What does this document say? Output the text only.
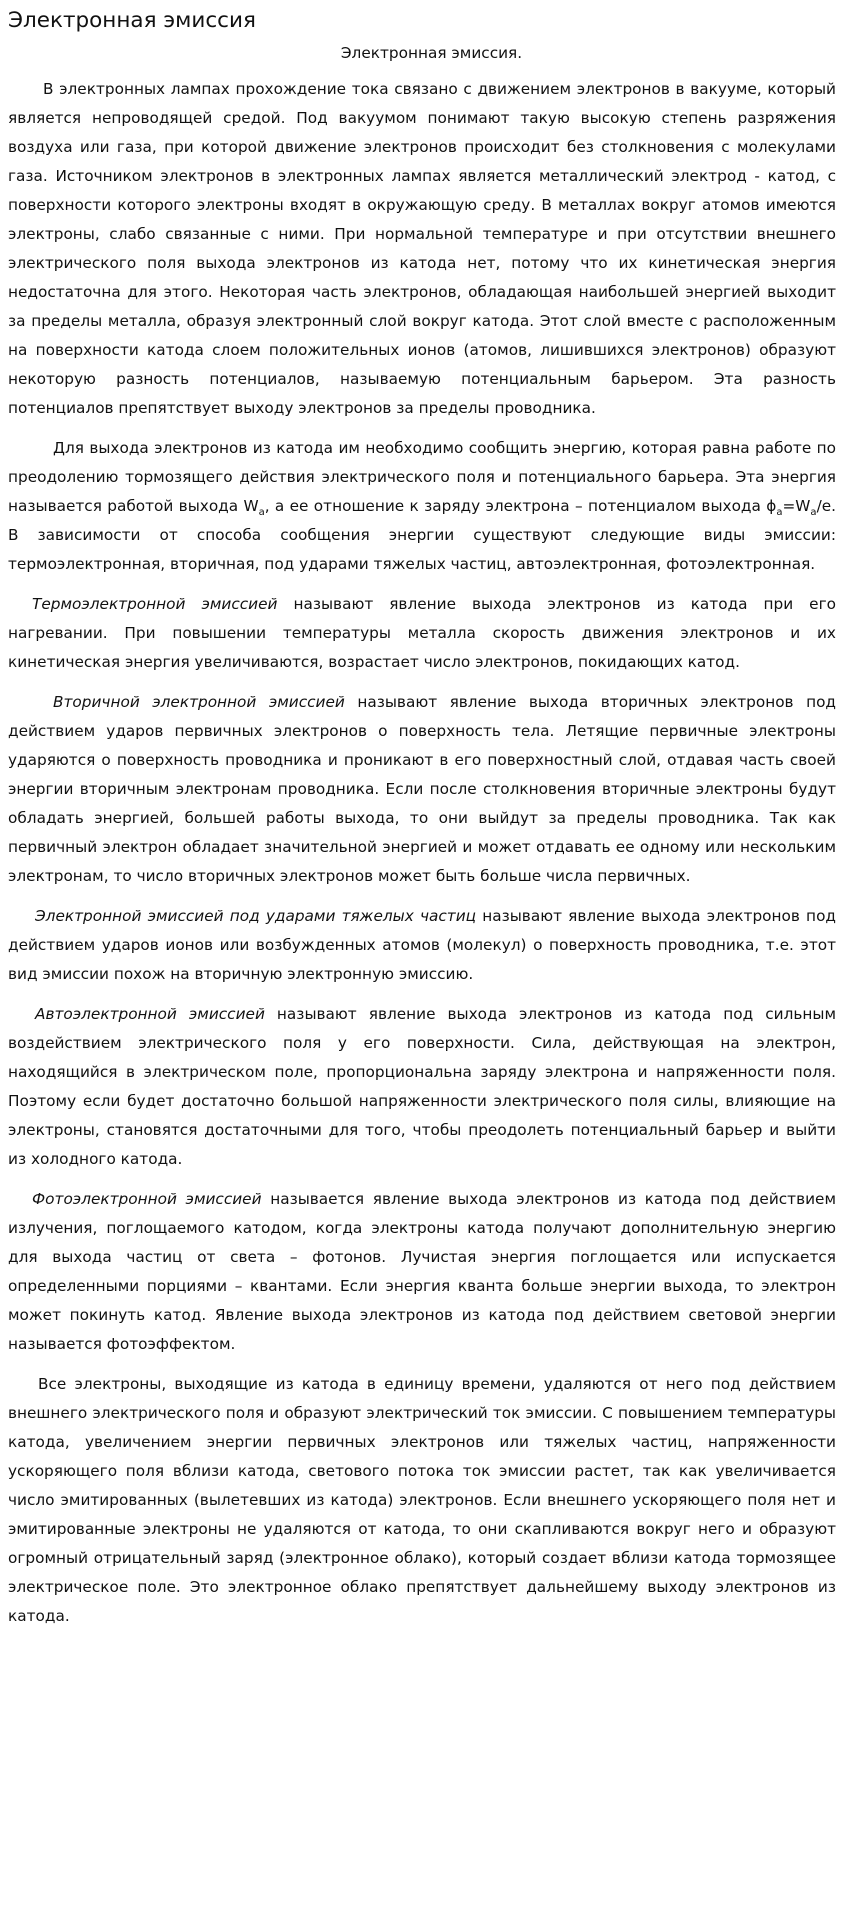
Электронная эмиссия
Электронная эмиссия.

В электронных лампах прохождение тока связано с движением электронов в вакууме, который является непроводящей средой. Под вакуумом понимают такую высокую степень разряжения воздуха или газа, при которой движение электронов происходит без столкновения с молекулами газа. Источником электронов в электронных лампах является металлический электрод - катод, с поверхности которого электроны входят в окружающую среду. В металлах вокруг атомов имеются электроны, слабо связанные с ними. При нормальной температуре и при отсутствии внешнего электрического поля выхода электронов из катода нет, потому что их кинетическая энергия недостаточна для этого. Некоторая часть электронов, обладающая наибольшей энергией выходит за пределы металла, образуя электронный слой вокруг катода. Этот слой вместе с расположенным на поверхности катода слоем положительных ионов (атомов, лишившихся электронов) образуют некоторую разность потенциалов, называемую потенциальным барьером. Эта разность потенциалов препятствует выходу электронов за пределы проводника.

Для выхода электронов из катода им необходимо сообщить энергию, которая равна работе по преодолению тормозящего действия электрического поля и потенциального барьера. Эта энергия называется работой выхода $W_а$, а ее отношение к заряду электрона – потенциалом выхода $\phi_а=W_а/е$. В зависимости от способа сообщения энергии существуют следующие виды эмиссии: термоэлектронная, вторичная, под ударами тяжелых частиц, автоэлектронная, фотоэлектронная.

Термоэлектронной эмиссией называют явление выхода электронов из катода при его нагревании. При повышении температуры металла скорость движения электронов и их кинетическая энергия увеличиваются, возрастает число электронов, покидающих катод.

Вторичной электронной эмиссией называют явление выхода вторичных электронов под действием ударов первичных электронов о поверхность тела. Летящие первичные электроны ударяются о поверхность проводника и проникают в его поверхностный слой, отдавая часть своей энергии вторичным электронам проводника. Если после столкновения вторичные электроны будут обладать энергией, большей работы выхода, то они выйдут за пределы проводника. Так как первичный электрон обладает значительной энергией и может отдавать ее одному или нескольким электронам, то число вторичных электронов может быть больше числа первичных.

Электронной эмиссией под ударами тяжелых частиц называют явление выхода электронов под действием ударов ионов или возбужденных атомов (молекул) о поверхность проводника, т.е. этот вид эмиссии похож на вторичную электронную эмиссию.

Автоэлектронной эмиссией называют явление выхода электронов из катода под сильным воздействием электрического поля у его поверхности. Сила, действующая на электрон, находящийся в электрическом поле, пропорциональна заряду электрона и напряженности поля. Поэтому если будет достаточно большой напряженности электрического поля силы, влияющие на электроны, становятся достаточными для того, чтобы преодолеть потенциальный барьер и выйти из холодного катода.

Фотоэлектронной эмиссией называется явление выхода электронов из катода под действием излучения, поглощаемого катодом, когда электроны катода получают дополнительную энергию для выхода частиц от света – фотонов. Лучистая энергия поглощается или испускается определенными порциями – квантами. Если энергия кванта больше энергии выхода, то электрон может покинуть катод. Явление выхода электронов из катода под действием световой энергии называется фотоэффектом.

Все электроны, выходящие из катода в единицу времени, удаляются от него под действием внешнего электрического поля и образуют электрический ток эмиссии. С повышением температуры катода, увеличением энергии первичных электронов или тяжелых частиц, напряженности ускоряющего поля вблизи катода, светового потока ток эмиссии растет, так как увеличивается число эмитированных (вылетевших из катода) электронов. Если внешнего ускоряющего поля нет и эмитированные электроны не удаляются от катода, то они скапливаются вокруг него и образуют огромный отрицательный заряд (электронное облако), который создает вблизи катода тормозящее электрическое поле. Это электронное облако препятствует дальнейшему выходу электронов из катода.
